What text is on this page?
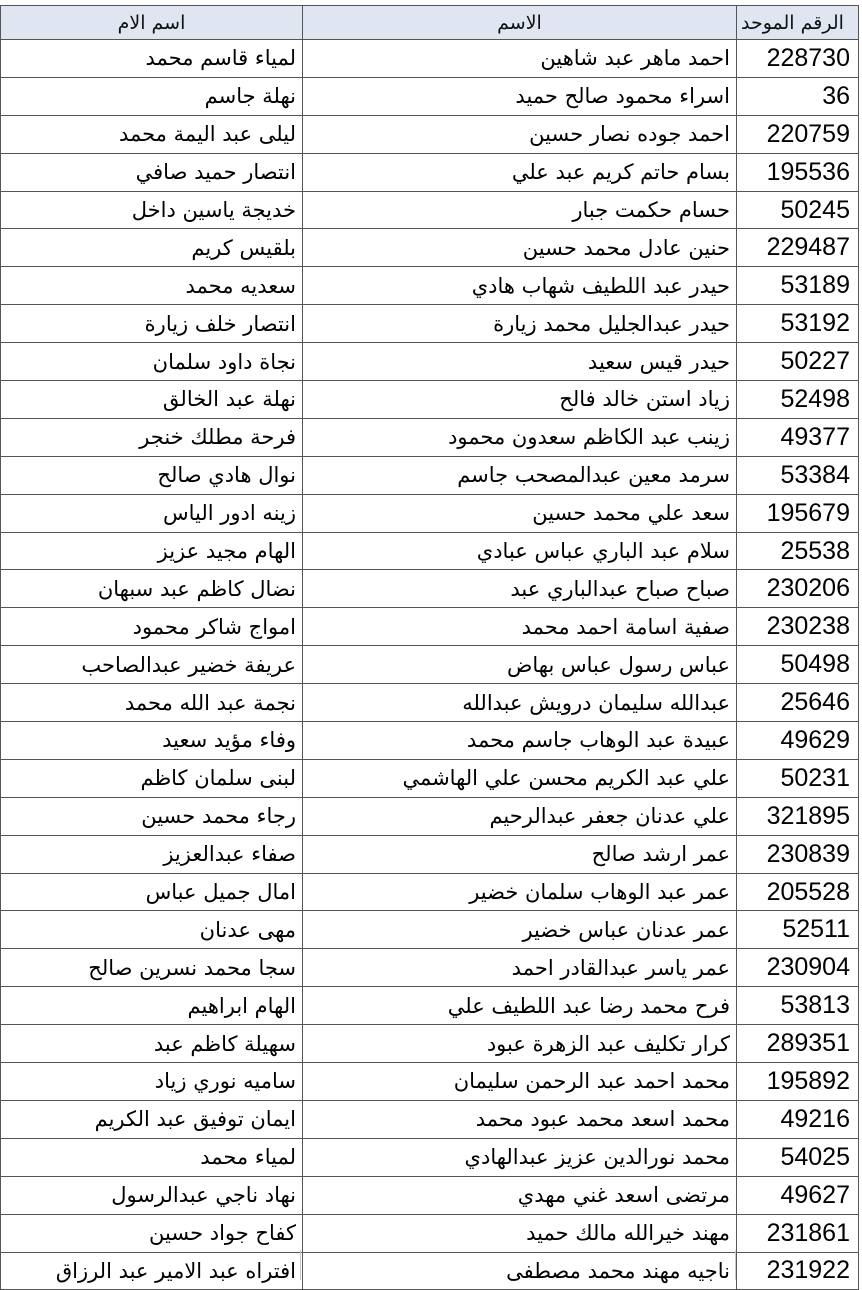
اسم الام	الاسم	الرقم الموحد
لمياء قاسم محمد	احمد ماهر عبد شاهين	228730
نهلة جاسم	اسراء محمود صالح حميد	36
ليلى عبد اليمة محمد	احمد جوده نصار حسين	220759
انتصار حميد صافي	بسام حاتم كريم عبد علي	195536
خديجة ياسين داخل	حسام حكمت جبار	50245
بلقيس كريم	حنين عادل محمد حسين	229487
سعديه محمد	حيدر عبد اللطيف شهاب هادي	53189
انتصار خلف زيارة	حيدر عبدالجليل محمد زيارة	53192
نجاة داود سلمان	حيدر قيس سعيد	50227
نهلة عبد الخالق	زياد استن خالد فالح	52498
فرحة مطلك خنجر	زينب عبد الكاظم سعدون محمود	49377
نوال هادي صالح	سرمد معين عبدالمصحب جاسم	53384
زينه ادور الياس	سعد علي محمد حسين	195679
الهام مجيد عزيز	سلام عبد الباري عباس عبادي	25538
نضال كاظم عبد سبهان	صباح صباح عبدالباري عبد	230206
امواج شاكر محمود	صفية اسامة احمد محمد	230238
عريفة خضير عبدالصاحب	عباس رسول عباس بهاض	50498
نجمة عبد الله محمد	عبدالله سليمان درويش عبدالله	25646
وفاء مؤيد سعيد	عبيدة عبد الوهاب جاسم محمد	49629
لبنى سلمان كاظم	علي عبد الكريم محسن علي الهاشمي	50231
رجاء محمد حسين	علي عدنان جعفر عبدالرحيم	321895
صفاء عبدالعزيز	عمر ارشد صالح	230839
امال جميل عباس	عمر عبد الوهاب سلمان خضير	205528
مهى عدنان	عمر عدنان عباس خضير	52511
سجا محمد نسرين صالح	عمر ياسر عبدالقادر احمد	230904
الهام ابراهيم	فرح محمد رضا عبد اللطيف علي	53813
سهيلة كاظم عبد	كرار تكليف عبد الزهرة عبود	289351
ساميه نوري زياد	محمد احمد عبد الرحمن سليمان	195892
ايمان توفيق عبد الكريم	محمد اسعد محمد عبود محمد	49216
لمياء محمد	محمد نورالدين عزيز عبدالهادي	54025
نهاد ناجي عبدالرسول	مرتضى اسعد غني مهدي	49627
كفاح جواد حسين	مهند خيرالله مالك حميد	231861
افتراه عبد الامير عبد الرزاق	ناجيه مهند محمد مصطفى	231922
